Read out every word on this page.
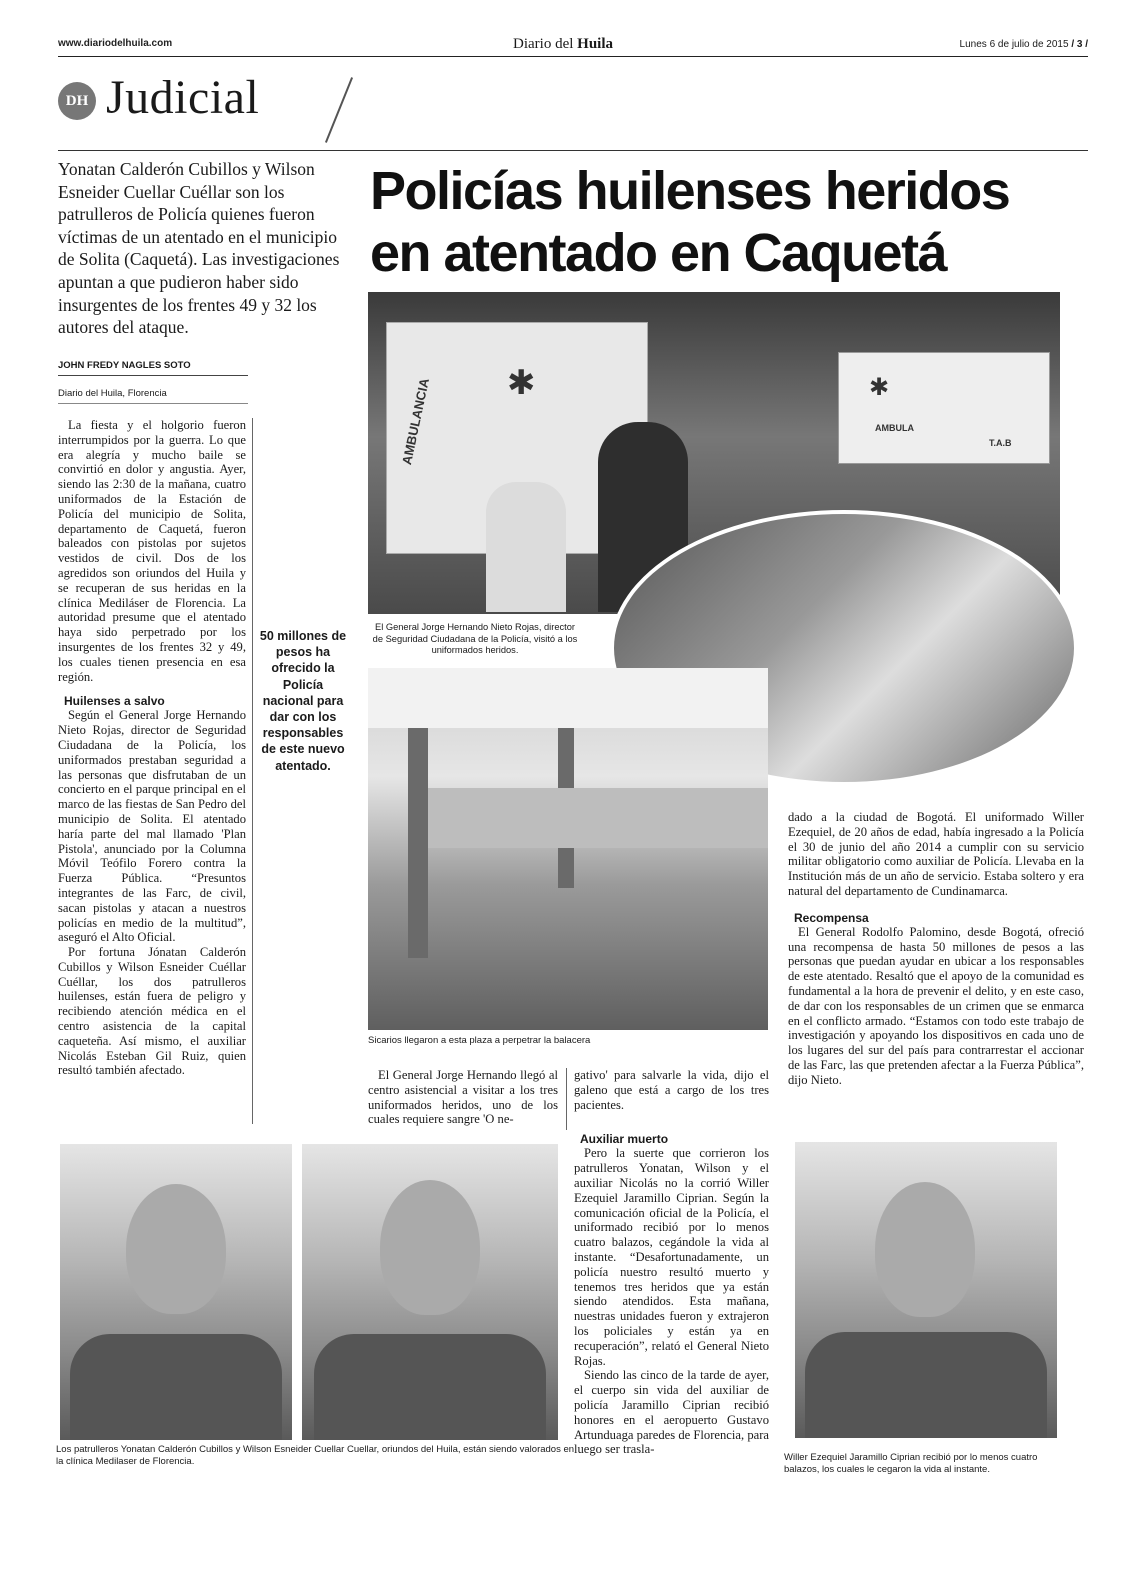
www.diariodelhuila.com	Diario del Huila	Lunes 6 de julio de 2015 / 3 /
DH Judicial
Yonatan Calderón Cubillos y Wilson Esneider Cuellar Cuéllar son los patrulleros de Policía quienes fueron víctimas de un atentado en el municipio de Solita (Caquetá). Las investigaciones apuntan a que pudieron haber sido insurgentes de los frentes 49 y 32 los autores del ataque.
Policías huilenses heridos en atentado en Caquetá
JOHN FREDY NAGLES SOTO
Diario del Huila, Florencia

La fiesta y el holgorio fueron interrumpidos por la guerra. Lo que era alegría y mucho baile se convirtió en dolor y angustia. Ayer, siendo las 2:30 de la mañana, cuatro uniformados de la Estación de Policía del municipio de Solita, departamento de Caquetá, fueron baleados con pistolas por sujetos vestidos de civil. Dos de los agredidos son oriundos del Huila y se recuperan de sus heridas en la clínica Mediláser de Florencia. La autoridad presume que el atentado haya sido perpetrado por los insurgentes de los frentes 32 y 49, los cuales tienen presencia en esa región.

Huilenses a salvo

Según el General Jorge Hernando Nieto Rojas, director de Seguridad Ciudadana de la Policía, los uniformados prestaban seguridad a las personas que disfrutaban de un concierto en el parque principal en el marco de las fiestas de San Pedro del municipio de Solita. El atentado haría parte del mal llamado 'Plan Pistola', anunciado por la Columna Móvil Teófilo Forero contra la Fuerza Pública. “Presuntos integrantes de las Farc, de civil, sacan pistolas y atacan a nuestros policías en medio de la multitud”, aseguró el Alto Oficial.

Por fortuna Jónatan Calderón Cubillos y Wilson Esneider Cuéllar Cuéllar, los dos patrulleros huilenses, están fuera de peligro y recibiendo atención médica en el centro asistencia de la capital caqueteña. Así mismo, el auxiliar Nicolás Esteban Gil Ruiz, quien resultó también afectado.

50 millones de pesos ha ofrecido la Policía nacional para dar con los responsables de este nuevo atentado.
AMBULANCIA ✱	✱
AMBULA
T.A.B
El General Jorge Hernando Nieto Rojas, director de Seguridad Ciudadana de la Policía, visitó a los uniformados heridos.
Sicarios llegaron a esta plaza a perpetrar la balacera

dado a la ciudad de Bogotá. El uniformado Willer Ezequiel, de 20 años de edad, había ingresado a la Policía el 30 de junio del año 2014 a cumplir con su servicio militar obligatorio como auxiliar de Policía. Llevaba en la Institución más de un año de servicio. Estaba soltero y era natural del departamento de Cundinamarca.

Recompensa

El General Rodolfo Palomino, desde Bogotá, ofreció una recompensa de hasta 50 millones de pesos a las personas que puedan ayudar en ubicar a los responsables de este atentado. Resaltó que el apoyo de la comunidad es fundamental a la hora de prevenir el delito, y en este caso, de dar con los responsables de un crimen que se enmarca en el conflicto armado. “Estamos con todo este trabajo de investigación y apoyando los dispositivos en cada uno de los lugares del sur del país para contrarrestar el accionar de las Farc, las que pretenden afectar a la Fuerza Pública”, dijo Nieto.

El General Jorge Hernando llegó al centro asistencial a visitar a los tres uniformados heridos, uno de los cuales requiere sangre 'O ne-

gativo' para salvarle la vida, dijo el galeno que está a cargo de los tres pacientes.

Auxiliar muerto

Pero la suerte que corrieron los patrulleros Yonatan, Wilson y el auxiliar Nicolás no la corrió Willer Ezequiel Jaramillo Ciprian. Según la comunicación oficial de la Policía, el uniformado recibió por lo menos cuatro balazos, cegándole la vida al instante. “Desafortunadamente, un policía nuestro resultó muerto y tenemos tres heridos que ya están siendo atendidos. Esta mañana, nuestras unidades fueron y extrajeron los policiales y están ya en recuperación”, relató el General Nieto Rojas.

Siendo las cinco de la tarde de ayer, el cuerpo sin vida del auxiliar de policía Jaramillo Ciprian recibió honores en el aeropuerto Gustavo Artunduaga paredes de Florencia, para luego ser trasla-

Los patrulleros Yonatan Calderón Cubillos y Wilson Esneider Cuellar Cuellar, oriundos del Huila, están siendo valorados en la clínica Medilaser de Florencia.	Willer Ezequiel Jaramillo Ciprian recibió por lo menos cuatro balazos, los cuales le cegaron la vida al instante.
